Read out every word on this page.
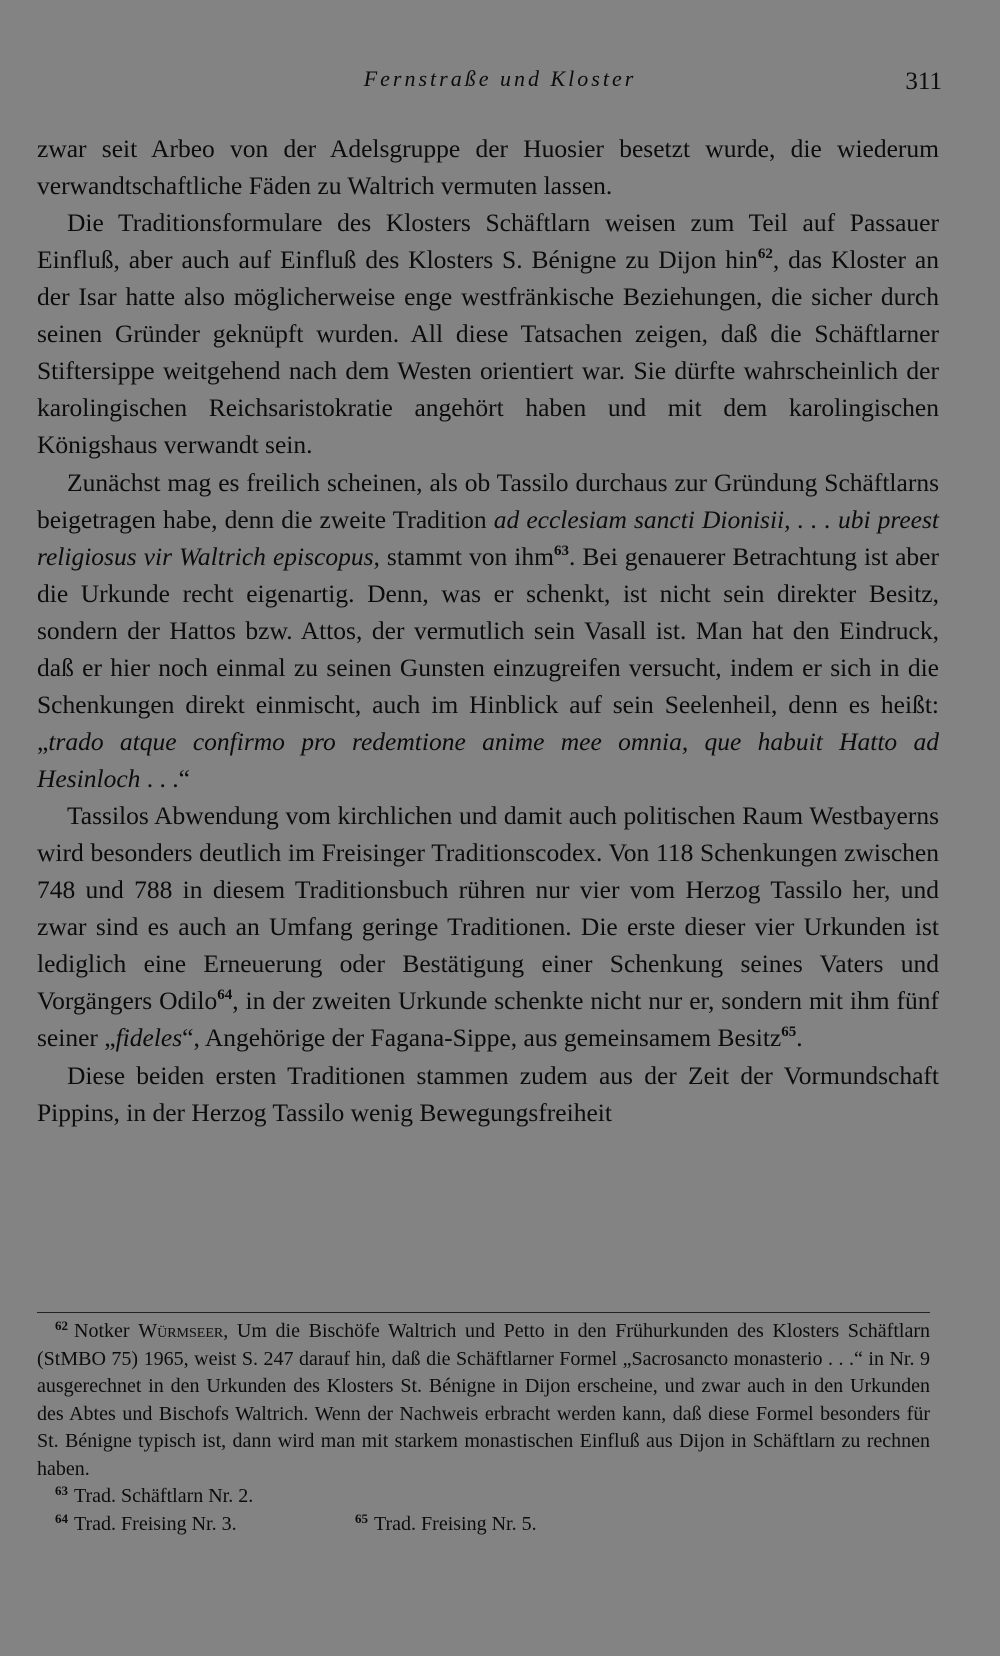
Fernstraße und Kloster	311

zwar seit Arbeo von der Adelsgruppe der Huosier besetzt wurde, die wiederum verwandtschaftliche Fäden zu Waltrich vermuten lassen.

Die Traditionsformulare des Klosters Schäftlarn weisen zum Teil auf Passauer Einfluß, aber auch auf Einfluß des Klosters S. Bénigne zu Dijon hin$^{62}$, das Kloster an der Isar hatte also möglicherweise enge westfränkische Beziehungen, die sicher durch seinen Gründer geknüpft wurden. All diese Tatsachen zeigen, daß die Schäftlarner Stiftersippe weitgehend nach dem Westen orientiert war. Sie dürfte wahrscheinlich der karolingischen Reichsaristokratie angehört haben und mit dem karolingischen Königshaus verwandt sein.

Zunächst mag es freilich scheinen, als ob Tassilo durchaus zur Gründung Schäftlarns beigetragen habe, denn die zweite Tradition ad ecclesiam sancti Dionisii, . . . ubi preest religiosus vir Waltrich episcopus, stammt von ihm$^{63}$. Bei genauerer Betrachtung ist aber die Urkunde recht eigenartig. Denn, was er schenkt, ist nicht sein direkter Besitz, sondern der Hattos bzw. Attos, der vermutlich sein Vasall ist. Man hat den Eindruck, daß er hier noch einmal zu seinen Gunsten einzugreifen versucht, indem er sich in die Schenkungen direkt einmischt, auch im Hinblick auf sein Seelenheil, denn es heißt: „trado atque confirmo pro redemtione anime mee omnia, que habuit Hatto ad Hesinloch . . .“

Tassilos Abwendung vom kirchlichen und damit auch politischen Raum Westbayerns wird besonders deutlich im Freisinger Traditionscodex. Von 118 Schenkungen zwischen 748 und 788 in diesem Traditionsbuch rühren nur vier vom Herzog Tassilo her, und zwar sind es auch an Umfang geringe Traditionen. Die erste dieser vier Urkunden ist lediglich eine Erneuerung oder Bestätigung einer Schenkung seines Vaters und Vorgängers Odilo$^{64}$, in der zweiten Urkunde schenkte nicht nur er, sondern mit ihm fünf seiner „fideles“, Angehörige der Fagana-Sippe, aus gemeinsamem Besitz$^{65}$.

Diese beiden ersten Traditionen stammen zudem aus der Zeit der Vormundschaft Pippins, in der Herzog Tassilo wenig Bewegungsfreiheit

$^{62}$ Notker Würmseer, Um die Bischöfe Waltrich und Petto in den Frühurkunden des Klosters Schäftlarn (StMBO 75) 1965, weist S. 247 darauf hin, daß die Schäftlarner Formel „Sacrosancto monasterio . . .“ in Nr. 9 ausgerechnet in den Urkunden des Klosters St. Bénigne in Dijon erscheine, und zwar auch in den Urkunden des Abtes und Bischofs Waltrich. Wenn der Nachweis erbracht werden kann, daß diese Formel besonders für St. Bénigne typisch ist, dann wird man mit starkem monastischen Einfluß aus Dijon in Schäftlarn zu rechnen haben.

$^{63}$ Trad. Schäftlarn Nr. 2.

$^{64}$ Trad. Freising Nr. 3.	$^{65}$ Trad. Freising Nr. 5.
